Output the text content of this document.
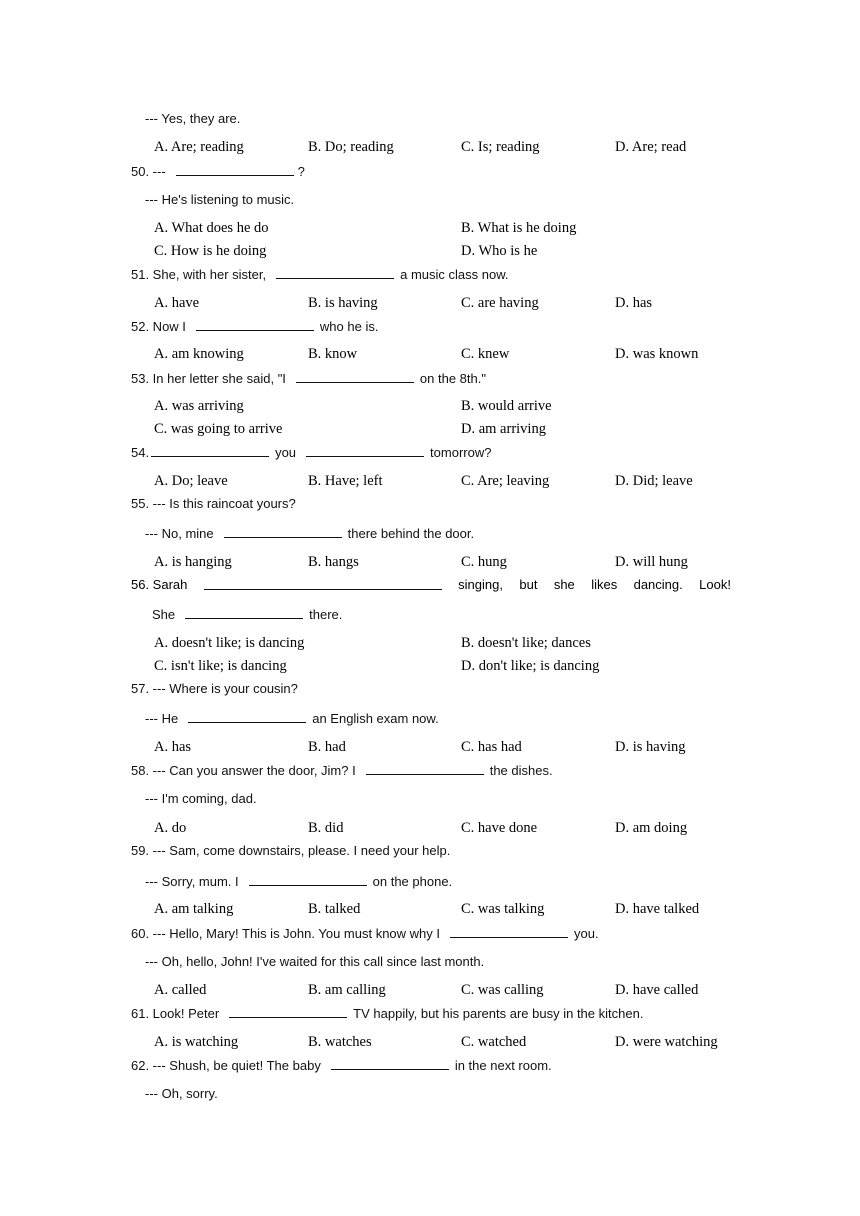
--- Yes, they are.
A. Are; reading	B. Do; reading	C. Is; reading	D. Are; read
50. ---	?
--- He's listening to music.
A. What does he do	B. What is he doing
C. How is he doing	D. Who is he
51. She, with her sister,	a music class now.
A. have	B. is having	C. are having	D. has
52. Now I	who he is.
A. am knowing	B. know	C. knew	D. was known
53. In her letter she said, "I	on the 8th."
A. was arriving	B. would arrive
C. was going to arrive	D. am arriving
54.	you	tomorrow?
A. Do; leave	B. Have; left	C. Are; leaving	D. Did; leave
55. --- Is this raincoat yours?
--- No, mine	there behind the door.
A. is hanging	B. hangs	C. hung	D. will hung
56. Sarah	singing, but she likes dancing. Look!
She	there.
A. doesn't like; is dancing	B. doesn't like; dances
C. isn't like; is dancing	D. don't like; is dancing
57. --- Where is your cousin?
--- He	an English exam now.
A. has	B. had	C. has had	D. is having
58. --- Can you answer the door, Jim? I	the dishes.
--- I'm coming, dad.
A. do	B. did	C. have done	D. am doing
59. --- Sam, come downstairs, please. I need your help.
--- Sorry, mum. I	on the phone.
A. am talking	B. talked	C. was talking	D. have talked
60. --- Hello, Mary! This is John. You must know why I	you.
--- Oh, hello, John! I've waited for this call since last month.
A. called	B. am calling	C. was calling	D. have called
61. Look! Peter	TV happily, but his parents are busy in the kitchen.
A. is watching	B. watches	C. watched	D. were watching
62. --- Shush, be quiet! The baby	in the next room.
--- Oh, sorry.
